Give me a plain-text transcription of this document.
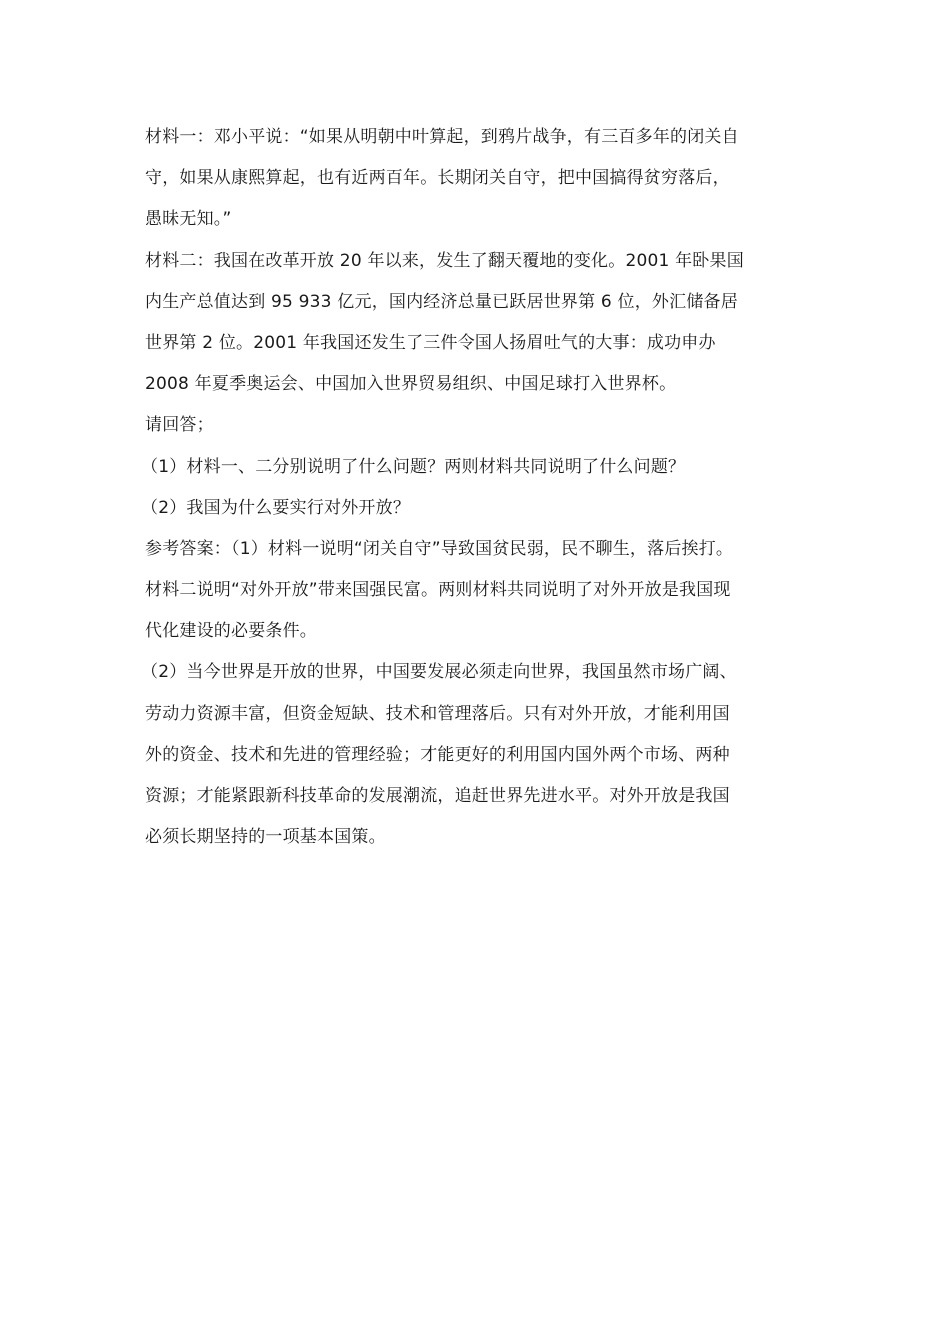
材料一：邓小平说：“如果从明朝中叶算起，到鸦片战争，有三百多年的闭关自
守，如果从康熙算起，也有近两百年。长期闭关自守，把中国搞得贫穷落后，
愚昧无知。”
材料二：我国在改革开放 20 年以来，发生了翻天覆地的变化。2001 年卧果国
内生产总值达到 95 933 亿元，国内经济总量已跃居世界第 6 位，外汇储备居
世界第 2 位。2001 年我国还发生了三件令国人扬眉吐气的大事：成功申办
2008 年夏季奥运会、中国加入世界贸易组织、中国足球打入世界杯。
请回答；
（1）材料一、二分别说明了什么问题？两则材料共同说明了什么问题？
（2）我国为什么要实行对外开放？
参考答案：（1）材料一说明“闭关自守”导致国贫民弱，民不聊生，落后挨打。
材料二说明“对外开放”带来国强民富。两则材料共同说明了对外开放是我国现
代化建设的必要条件。
（2）当今世界是开放的世界，中国要发展必须走向世界，我国虽然市场广阔、
劳动力资源丰富，但资金短缺、技术和管理落后。只有对外开放，才能利用国
外的资金、技术和先进的管理经验；才能更好的利用国内国外两个市场、两种
资源；才能紧跟新科技革命的发展潮流，追赶世界先进水平。对外开放是我国
必须长期坚持的一项基本国策。
